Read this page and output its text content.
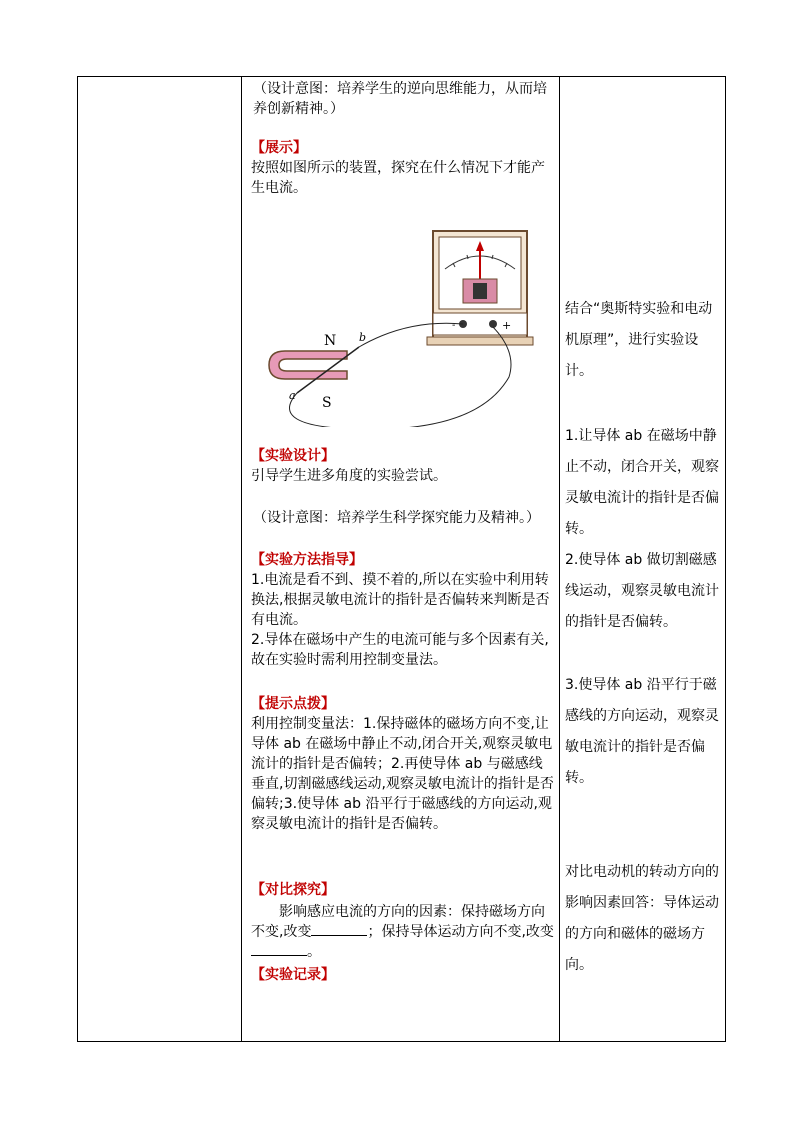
（设计意图：培养学生的逆向思维能力，从而培养创新精神。）

【展示】

按照如图所示的装置，探究在什么情况下才能产生电流。

【实验设计】

引导学生进多角度的实验尝试。

（设计意图：培养学生科学探究能力及精神。）

【实验方法指导】

1.电流是看不到、摸不着的,所以在实验中利用转换法,根据灵敏电流计的指针是否偏转来判断是否有电流。

2.导体在磁场中产生的电流可能与多个因素有关,故在实验时需利用控制变量法。

【提示点拨】

利用控制变量法：1.保持磁体的磁场方向不变,让导体 ab 在磁场中静止不动,闭合开关,观察灵敏电流计的指针是否偏转；2.再使导体 ab 与磁感线垂直,切割磁感线运动,观察灵敏电流计的指针是否偏转;3.使导体 ab 沿平行于磁感线的方向运动,观察灵敏电流计的指针是否偏转。

【对比探究】

影响感应电流的方向的因素：保持磁场方向不变,改变	；保持导体运动方向不变,改变。

【实验记录】

-	+
N
S
a
b

结合“奥斯特实验和电动机原理”，进行实验设计。

1.让导体 ab 在磁场中静止不动，闭合开关，观察灵敏电流计的指针是否偏转。

2.使导体 ab 做切割磁感线运动，观察灵敏电流计的指针是否偏转。

3.使导体 ab 沿平行于磁感线的方向运动，观察灵敏电流计的指针是否偏转。

对比电动机的转动方向的影响因素回答：导体运动的方向和磁体的磁场方向。
